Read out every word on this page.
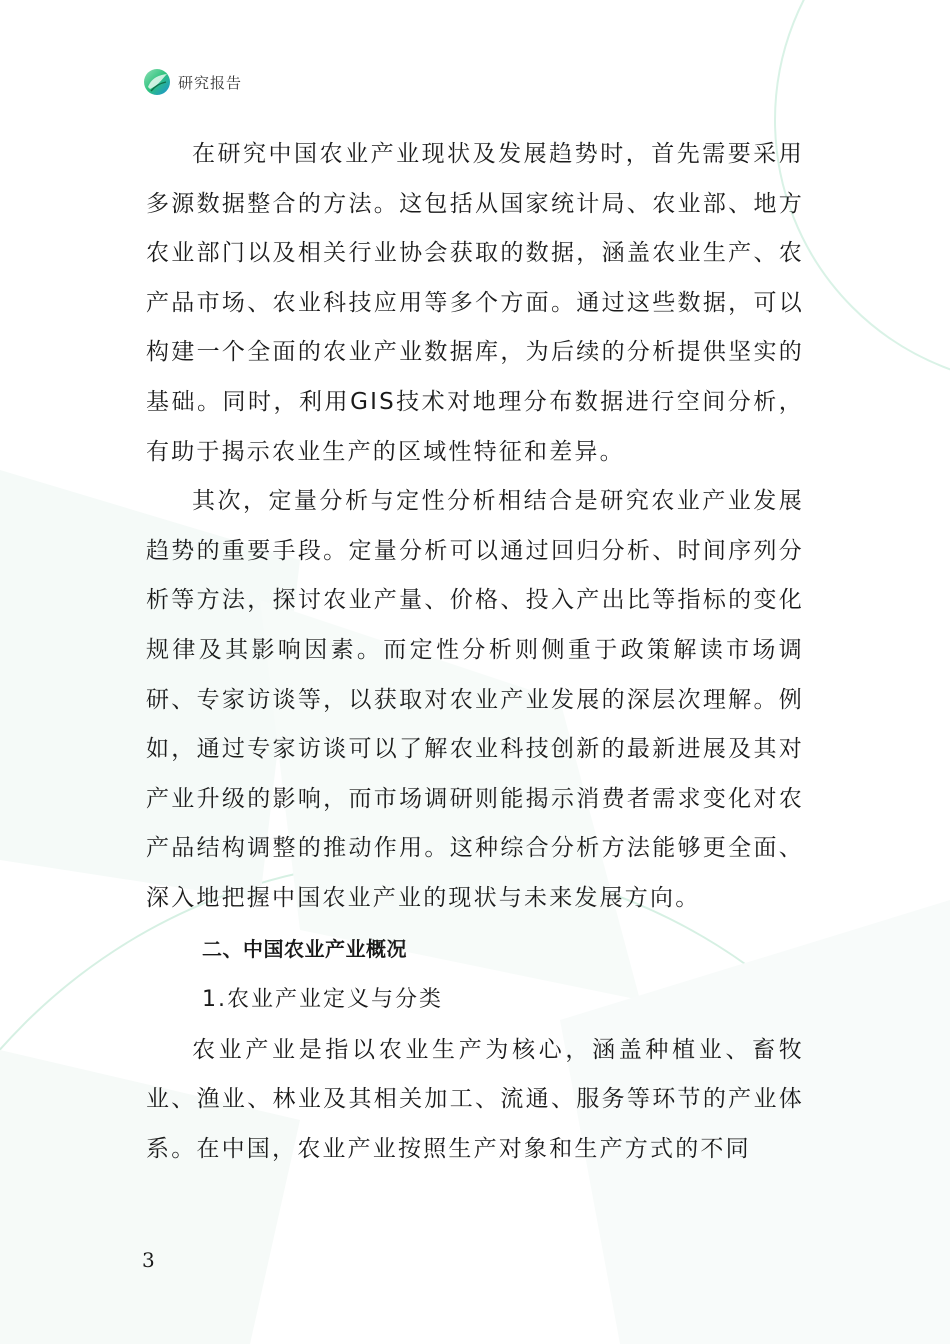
研究报告

在研究中国农业产业现状及发展趋势时，首先需要采用多源数据整合的方法。这包括从国家统计局、农业部、地方农业部门以及相关行业协会获取的数据，涵盖农业生产、农产品市场、农业科技应用等多个方面。通过这些数据，可以构建一个全面的农业产业数据库，为后续的分析提供坚实的基础。同时，利用GIS技术对地理分布数据进行空间分析，有助于揭示农业生产的区域性特征和差异。

其次，定量分析与定性分析相结合是研究农业产业发展趋势的重要手段。定量分析可以通过回归分析、时间序列分析等方法，探讨农业产量、价格、投入产出比等指标的变化规律及其影响因素。而定性分析则侧重于政策解读市场调研、专家访谈等，以获取对农业产业发展的深层次理解。例如，通过专家访谈可以了解农业科技创新的最新进展及其对产业升级的影响，而市场调研则能揭示消费者需求变化对农产品结构调整的推动作用。这种综合分析方法能够更全面、深入地把握中国农业产业的现状与未来发展方向。

二、中国农业产业概况

1.农业产业定义与分类

农业产业是指以农业生产为核心，涵盖种植业、畜牧业、渔业、林业及其相关加工、流通、服务等环节的产业体系。在中国，农业产业按照生产对象和生产方式的不同

3
